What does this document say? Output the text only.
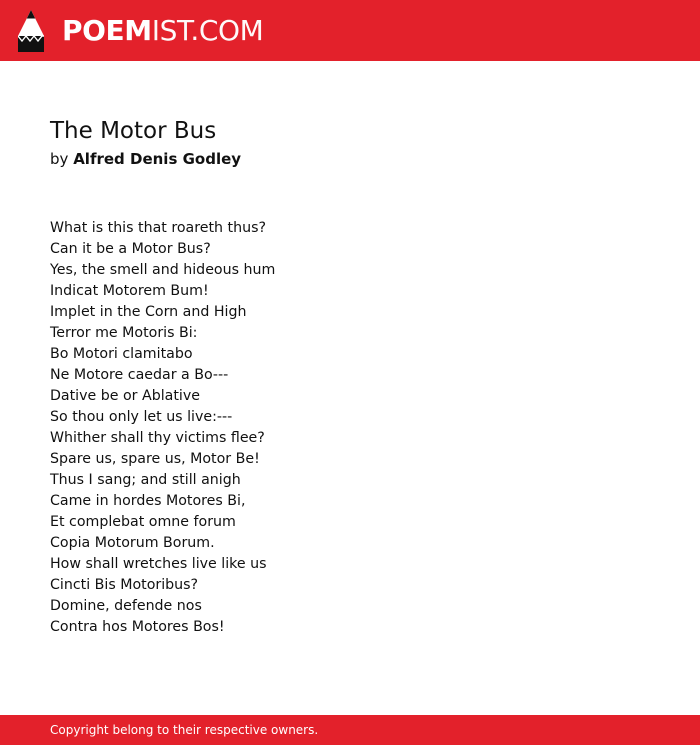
POEMIST.COM
The Motor Bus
by Alfred Denis Godley
What is this that roareth thus?
Can it be a Motor Bus?
Yes, the smell and hideous hum
Indicat Motorem Bum!
Implet in the Corn and High
Terror me Motoris Bi:
Bo Motori clamitabo
Ne Motore caedar a Bo---
Dative be or Ablative
So thou only let us live:---
Whither shall thy victims flee?
Spare us, spare us, Motor Be!
Thus I sang; and still anigh
Came in hordes Motores Bi,
Et complebat omne forum
Copia Motorum Borum.
How shall wretches live like us
Cincti Bis Motoribus?
Domine, defende nos
Contra hos Motores Bos!
Copyright belong to their respective owners.
